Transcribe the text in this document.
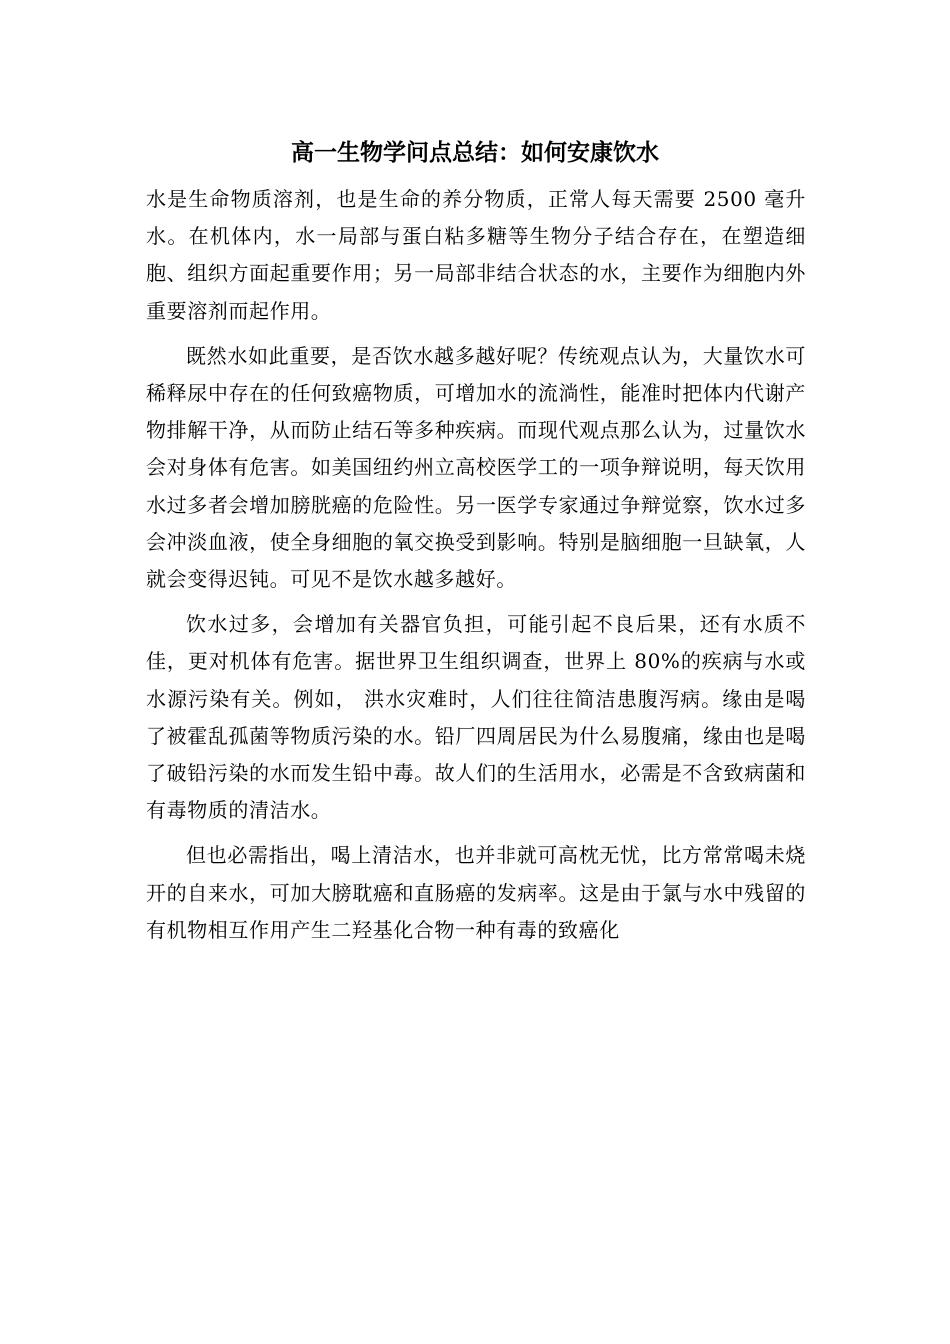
高一生物学问点总结：如何安康饮水

水是生命物质溶剂，也是生命的养分物质，正常人每天需要 2500 毫升水。在机体内，水一局部与蛋白粘多糖等生物分子结合存在，在塑造细胞、组织方面起重要作用；另一局部非结合状态的水，主要作为细胞内外重要溶剂而起作用。

既然水如此重要，是否饮水越多越好呢？传统观点认为，大量饮水可稀释尿中存在的任何致癌物质，可增加水的流淌性，能准时把体内代谢产物排解干净，从而防止结石等多种疾病。而现代观点那么认为，过量饮水会对身体有危害。如美国纽约州立高校医学工的一项争辩说明，每天饮用水过多者会增加膀胱癌的危险性。另一医学专家通过争辩觉察，饮水过多会冲淡血液，使全身细胞的氧交换受到影响。特别是脑细胞一旦缺氧，人就会变得迟钝。可见不是饮水越多越好。

饮水过多，会增加有关器官负担，可能引起不良后果，还有水质不佳，更对机体有危害。据世界卫生组织调查，世界上 80%的疾病与水或水源污染有关。例如， 洪水灾难时，人们往往简洁患腹泻病。缘由是喝了被霍乱孤菌等物质污染的水。铅厂四周居民为什么易腹痛，缘由也是喝了破铅污染的水而发生铅中毒。故人们的生活用水，必需是不含致病菌和有毒物质的清洁水。

但也必需指出，喝上清洁水，也并非就可高枕无忧，比方常常喝未烧开的自来水，可加大膀耽癌和直肠癌的发病率。这是由于氯与水中残留的有机物相互作用产生二羟基化合物一种有毒的致癌化
